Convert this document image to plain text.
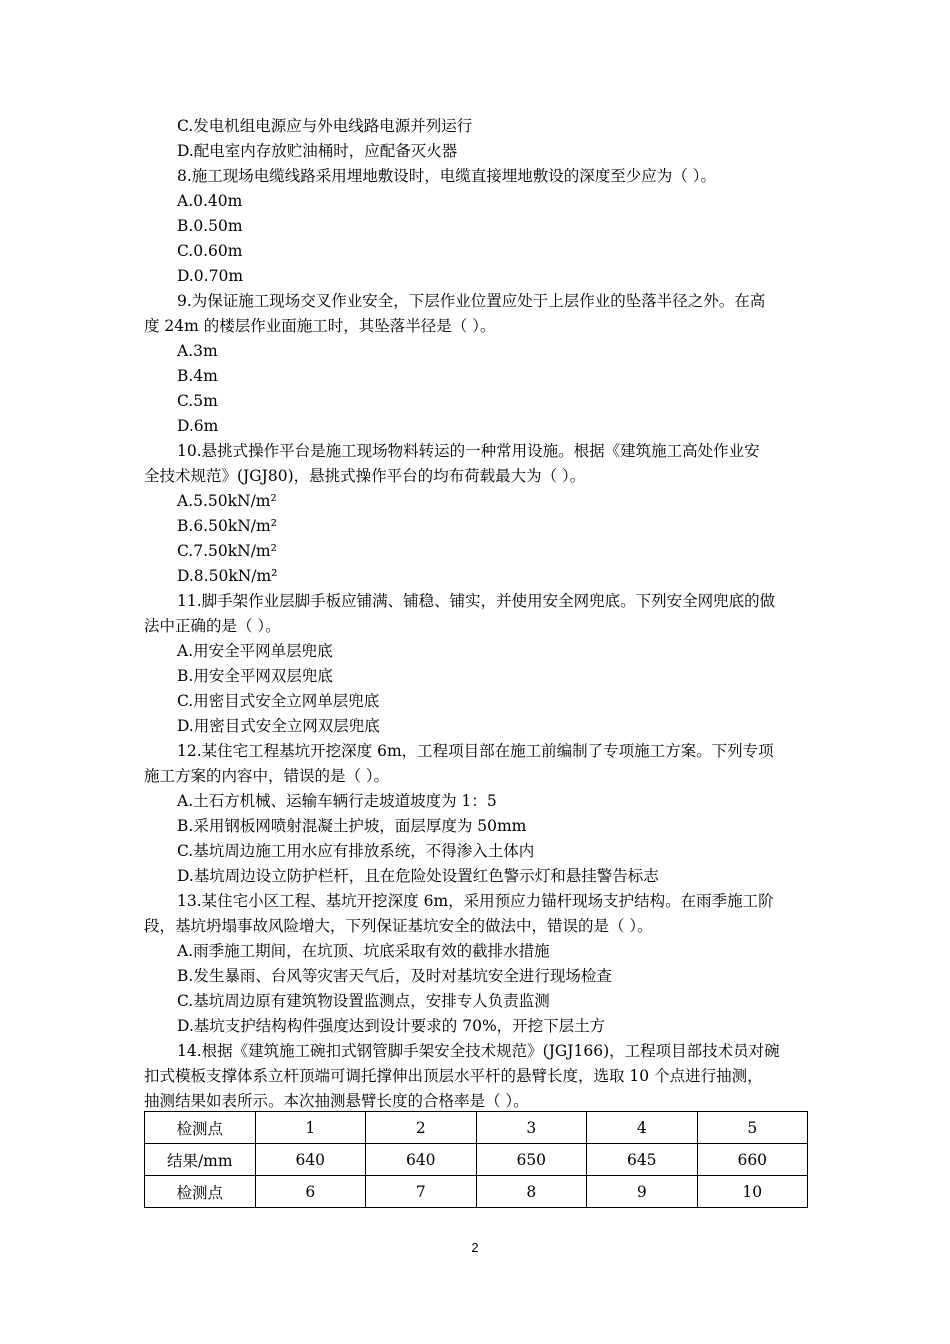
C.发电机组电源应与外电线路电源并列运行
D.配电室内存放贮油桶时，应配备灭火器
8.施工现场电缆线路采用埋地敷设时，电缆直接埋地敷设的深度至少应为（ ）。
A.0.40m
B.0.50m
C.0.60m
D.0.70m
9.为保证施工现场交叉作业安全，下层作业位置应处于上层作业的坠落半径之外。在高
度 24m 的楼层作业面施工时，其坠落半径是（ ）。
A.3m
B.4m
C.5m
D.6m
10.悬挑式操作平台是施工现场物料转运的一种常用设施。根据《建筑施工高处作业安
全技术规范》(JGJ80)，悬挑式操作平台的均布荷载最大为（ ）。
A.5.50kN/m²
B.6.50kN/m²
C.7.50kN/m²
D.8.50kN/m²
11.脚手架作业层脚手板应铺满、铺稳、铺实，并使用安全网兜底。下列安全网兜底的做
法中正确的是（ ）。
A.用安全平网单层兜底
B.用安全平网双层兜底
C.用密目式安全立网单层兜底
D.用密目式安全立网双层兜底
12.某住宅工程基坑开挖深度 6m，工程项目部在施工前编制了专项施工方案。下列专项
施工方案的内容中，错误的是（ ）。
A.土石方机械、运输车辆行走坡道坡度为 1：5
B.采用钢板网喷射混凝土护坡，面层厚度为 50mm
C.基坑周边施工用水应有排放系统，不得渗入土体内
D.基坑周边设立防护栏杆，且在危险处设置红色警示灯和悬挂警告标志
13.某住宅小区工程、基坑开挖深度 6m，采用预应力锚杆现场支护结构。在雨季施工阶
段，基坑坍塌事故风险增大，下列保证基坑安全的做法中，错误的是（ ）。
A.雨季施工期间，在坑顶、坑底采取有效的截排水措施
B.发生暴雨、台风等灾害天气后，及时对基坑安全进行现场检查
C.基坑周边原有建筑物设置监测点，安排专人负责监测
D.基坑支护结构构件强度达到设计要求的 70%，开挖下层土方
14.根据《建筑施工碗扣式钢管脚手架安全技术规范》(JGJ166)，工程项目部技术员对碗
扣式模板支撑体系立杆顶端可调托撑伸出顶层水平杆的悬臂长度，选取 10 个点进行抽测，
抽测结果如表所示。本次抽测悬臂长度的合格率是（ ）。
检测点	1	2	3	4	5
结果/mm	640	640	650	645	660
检测点	6	7	8	9	10
2
